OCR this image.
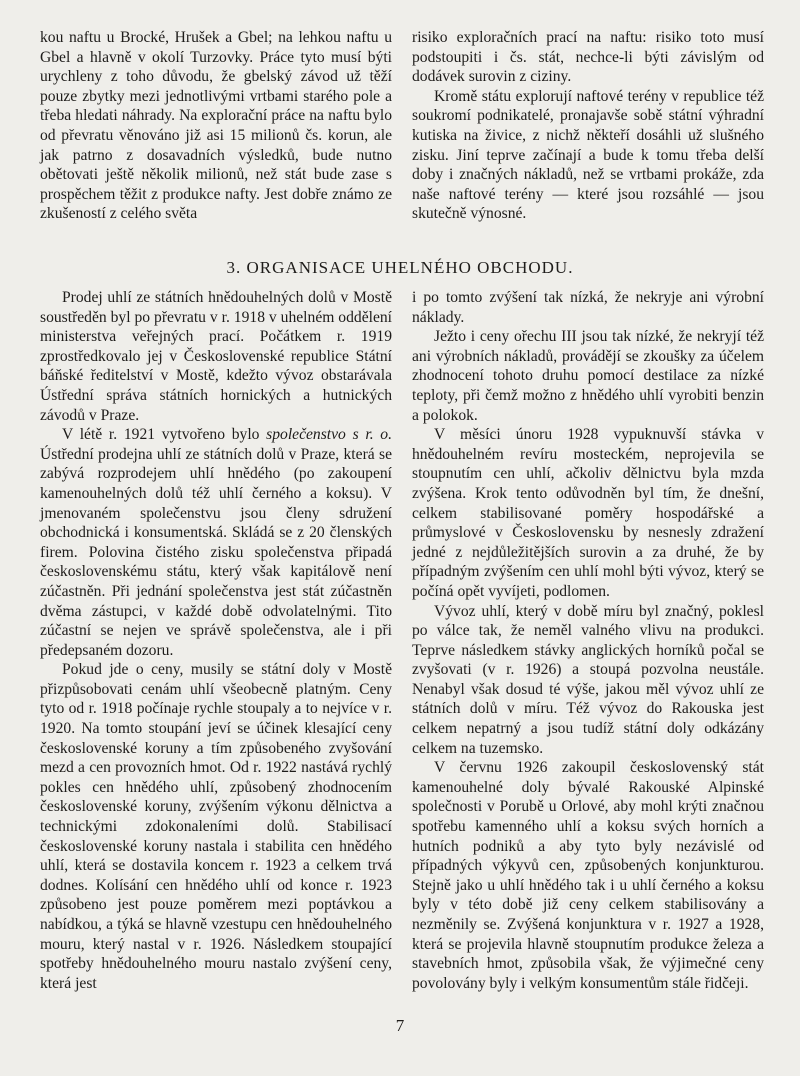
kou naftu u Brocké, Hrušek a Gbel; na lehkou naftu u Gbel a hlavně v okolí Turzovky. Práce tyto musí býti urychleny z toho důvodu, že gbelský závod už těží pouze zbytky mezi jednotlivými vrtbami starého pole a třeba hledati náhrady. Na explorační práce na naftu bylo od převratu věnováno již asi 15 milionů čs. korun, ale jak patrno z dosavadních výsledků, bude nutno obětovati ještě několik milionů, než stát bude zase s prospěchem těžit z produkce nafty. Jest dobře známo ze zkušeností z celého světa

risiko exploračních prací na naftu: risiko toto musí podstoupiti i čs. stát, nechce-li býti závislým od dodávek surovin z ciziny.

Kromě státu explorují naftové terény v republice též soukromí podnikatelé, pronajavše sobě státní výhradní kutiska na živice, z nichž někteří dosáhli už slušného zisku. Jiní teprve začínají a bude k tomu třeba delší doby i značných nákladů, než se vrtbami prokáže, zda naše naftové terény — které jsou rozsáhlé — jsou skutečně výnosné.

3. ORGANISACE UHELNÉHO OBCHODU.

Prodej uhlí ze státních hnědouhelných dolů v Mostě soustředěn byl po převratu v r. 1918 v uhelném oddělení ministerstva veřejných prací. Počátkem r. 1919 zprostředkovalo jej v Československé republice Státní báňské ředitelství v Mostě, kdežto vývoz obstarávala Ústřední správa státních hornických a hutnických závodů v Praze.

V létě r. 1921 vytvořeno bylo společenstvo s r. o. Ústřední prodejna uhlí ze státních dolů v Praze, která se zabývá rozprodejem uhlí hnědého (po zakoupení kamenouhelných dolů též uhlí černého a koksu). V jmenovaném společenstvu jsou členy sdružení obchodnická i konsumentská. Skládá se z 20 členských firem. Polovina čistého zisku společenstva připadá československému státu, který však kapitálově není zúčastněn. Při jednání společenstva jest stát zúčastněn dvěma zástupci, v každé době odvolatelnými. Tito zúčastní se nejen ve správě společenstva, ale i při předepsaném dozoru.

Pokud jde o ceny, musily se státní doly v Mostě přizpůsobovati cenám uhlí všeobecně platným. Ceny tyto od r. 1918 počínaje rychle stoupaly a to nejvíce v r. 1920. Na tomto stoupání jeví se účinek klesající ceny československé koruny a tím způsobeného zvyšování mezd a cen provozních hmot. Od r. 1922 nastává rychlý pokles cen hnědého uhlí, způsobený zhodnocením československé koruny, zvýšením výkonu dělnictva a technickými zdokonaleními dolů. Stabilisací československé koruny nastala i stabilita cen hnědého uhlí, která se dostavila koncem r. 1923 a celkem trvá dodnes. Kolísání cen hnědého uhlí od konce r. 1923 způsobeno jest pouze poměrem mezi poptávkou a nabídkou, a týká se hlavně vzestupu cen hnědouhelného mouru, který nastal v r. 1926. Následkem stoupající spotřeby hnědouhelného mouru nastalo zvýšení ceny, která jest

i po tomto zvýšení tak nízká, že nekryje ani výrobní náklady.

Ježto i ceny ořechu III jsou tak nízké, že nekryjí též ani výrobních nákladů, provádějí se zkoušky za účelem zhodnocení tohoto druhu pomocí destilace za nízké teploty, při čemž možno z hnědého uhlí vyrobiti benzin a polokok.

V měsíci únoru 1928 vypuknuvší stávka v hnědouhelném revíru mosteckém, neprojevila se stoupnutím cen uhlí, ačkoliv dělnictvu byla mzda zvýšena. Krok tento odůvodněn byl tím, že dnešní, celkem stabilisované poměry hospodářské a průmyslové v Československu by nesnesly zdražení jedné z nejdůležitějších surovin a za druhé, že by případným zvýšením cen uhlí mohl býti vývoz, který se počíná opět vyvíjeti, podlomen.

Vývoz uhlí, který v době míru byl značný, poklesl po válce tak, že neměl valného vlivu na produkci. Teprve následkem stávky anglických horníků počal se zvyšovati (v r. 1926) a stoupá pozvolna neustále. Nenabyl však dosud té výše, jakou měl vývoz uhlí ze státních dolů v míru. Též vývoz do Rakouska jest celkem nepatrný a jsou tudíž státní doly odkázány celkem na tuzemsko.

V červnu 1926 zakoupil československý stát kamenouhelné doly bývalé Rakouské Alpinské společnosti v Porubě u Orlové, aby mohl krýti značnou spotřebu kamenného uhlí a koksu svých horních a hutních podniků a aby tyto byly nezávislé od případných výkyvů cen, způsobených konjunkturou. Stejně jako u uhlí hnědého tak i u uhlí černého a koksu byly v této době již ceny celkem stabilisovány a nezměnily se. Zvýšená konjunktura v r. 1927 a 1928, která se projevila hlavně stoupnutím produkce železa a stavebních hmot, způsobila však, že výjimečné ceny povolovány byly i velkým konsumentům stále řidčeji.

7
